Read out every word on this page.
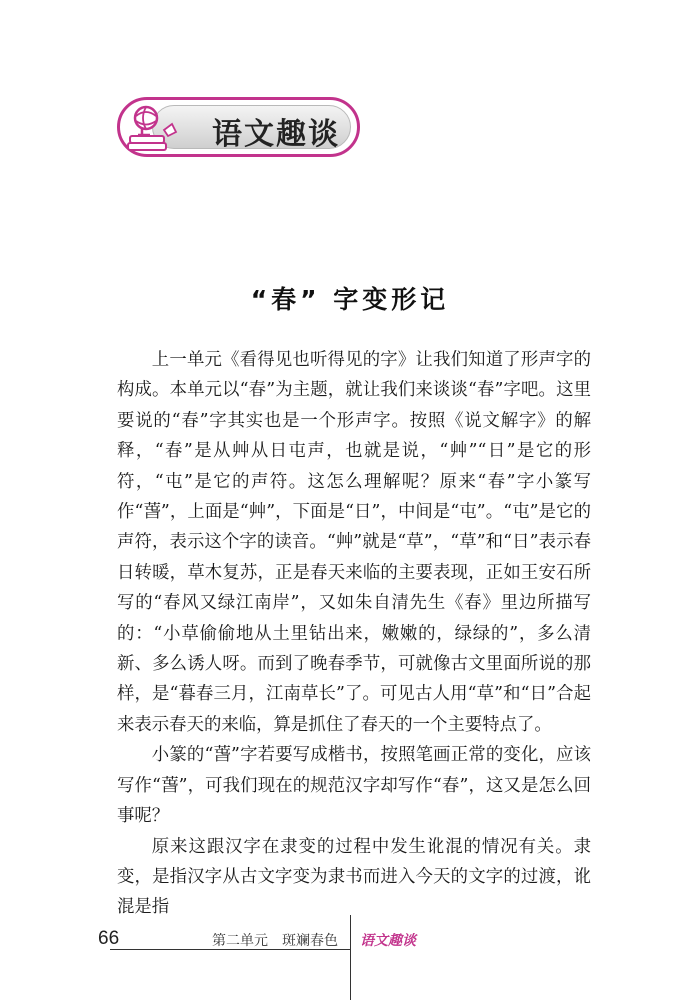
语文趣谈
“春” 字变形记

上一单元《看得见也听得见的字》让我们知道了形声字的构成。本单元以“春”为主题，就让我们来谈谈“春”字吧。这里要说的“春”字其实也是一个形声字。按照《说文解字》的解释，“春”是从艸从日屯声，也就是说，“艸”“日”是它的形符，“屯”是它的声符。这怎么理解呢？原来“春”字小篆写作“萅”，上面是“艸”，下面是“日”，中间是“屯”。“屯”是它的声符，表示这个字的读音。“艸”就是“草”，“草”和“日”表示春日转暖，草木复苏，正是春天来临的主要表现，正如王安石所写的“春风又绿江南岸”，又如朱自清先生《春》里边所描写的：“小草偷偷地从土里钻出来，嫩嫩的，绿绿的”，多么清新、多么诱人呀。而到了晚春季节，可就像古文里面所说的那样，是“暮春三月，江南草长”了。可见古人用“草”和“日”合起来表示春天的来临，算是抓住了春天的一个主要特点了。

小篆的“萅”字若要写成楷书，按照笔画正常的变化，应该写作“萅”，可我们现在的规范汉字却写作“春”，这又是怎么回事呢？

原来这跟汉字在隶变的过程中发生讹混的情况有关。隶变，是指汉字从古文字变为隶书而进入今天的文字的过渡，讹混是指

66	第二单元　斑斓春色 语文趣谈
